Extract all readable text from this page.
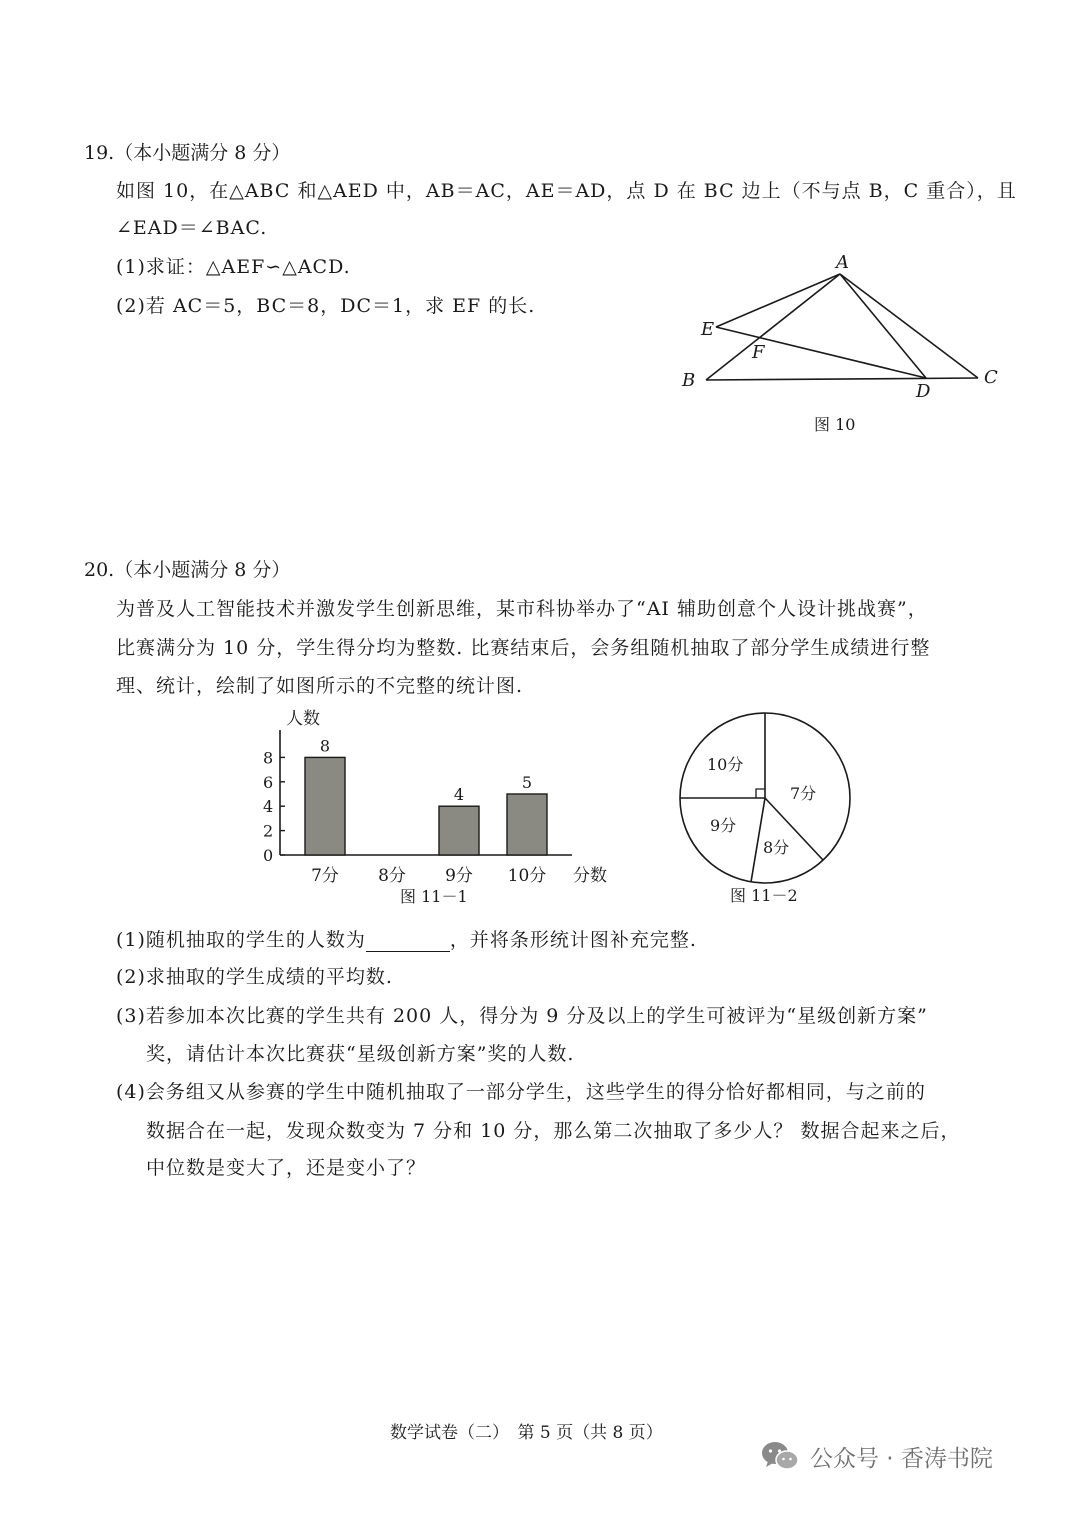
19.（本小题满分 8 分）
如图 10，在△ABC 和△AED 中，AB＝AC，AE＝AD，点 D 在 BC 边上（不与点 B，C 重合），且
∠EAD＝∠BAC.
(1)求证：△AEF∽△ACD.
(2)若 AC＝5，BC＝8，DC＝1，求 EF 的长.
A
E
F
B
D
C
图 10
20.（本小题满分 8 分）
为普及人工智能技术并激发学生创新思维，某市科协举办了“AI 辅助创意个人设计挑战赛”，
比赛满分为 10 分，学生得分均为整数. 比赛结束后，会务组随机抽取了部分学生成绩进行整
理、统计，绘制了如图所示的不完整的统计图.
人数
0
2
4
6
8
8
7分 8分
4
9分
5
10分 分数
图 11－1
10分
7分
8分
9分
图 11－2
(1)随机抽取的学生的人数为	，并将条形统计图补充完整.
(2)求抽取的学生成绩的平均数.
(3)若参加本次比赛的学生共有 200 人，得分为 9 分及以上的学生可被评为“星级创新方案”
奖，请估计本次比赛获“星级创新方案”奖的人数.
(4)会务组又从参赛的学生中随机抽取了一部分学生，这些学生的得分恰好都相同，与之前的
数据合在一起，发现众数变为 7 分和 10 分，那么第二次抽取了多少人？ 数据合起来之后，
中位数是变大了，还是变小了？
数学试卷（二）　第 5 页（共 8 页）
公众号 · 香涛书院
